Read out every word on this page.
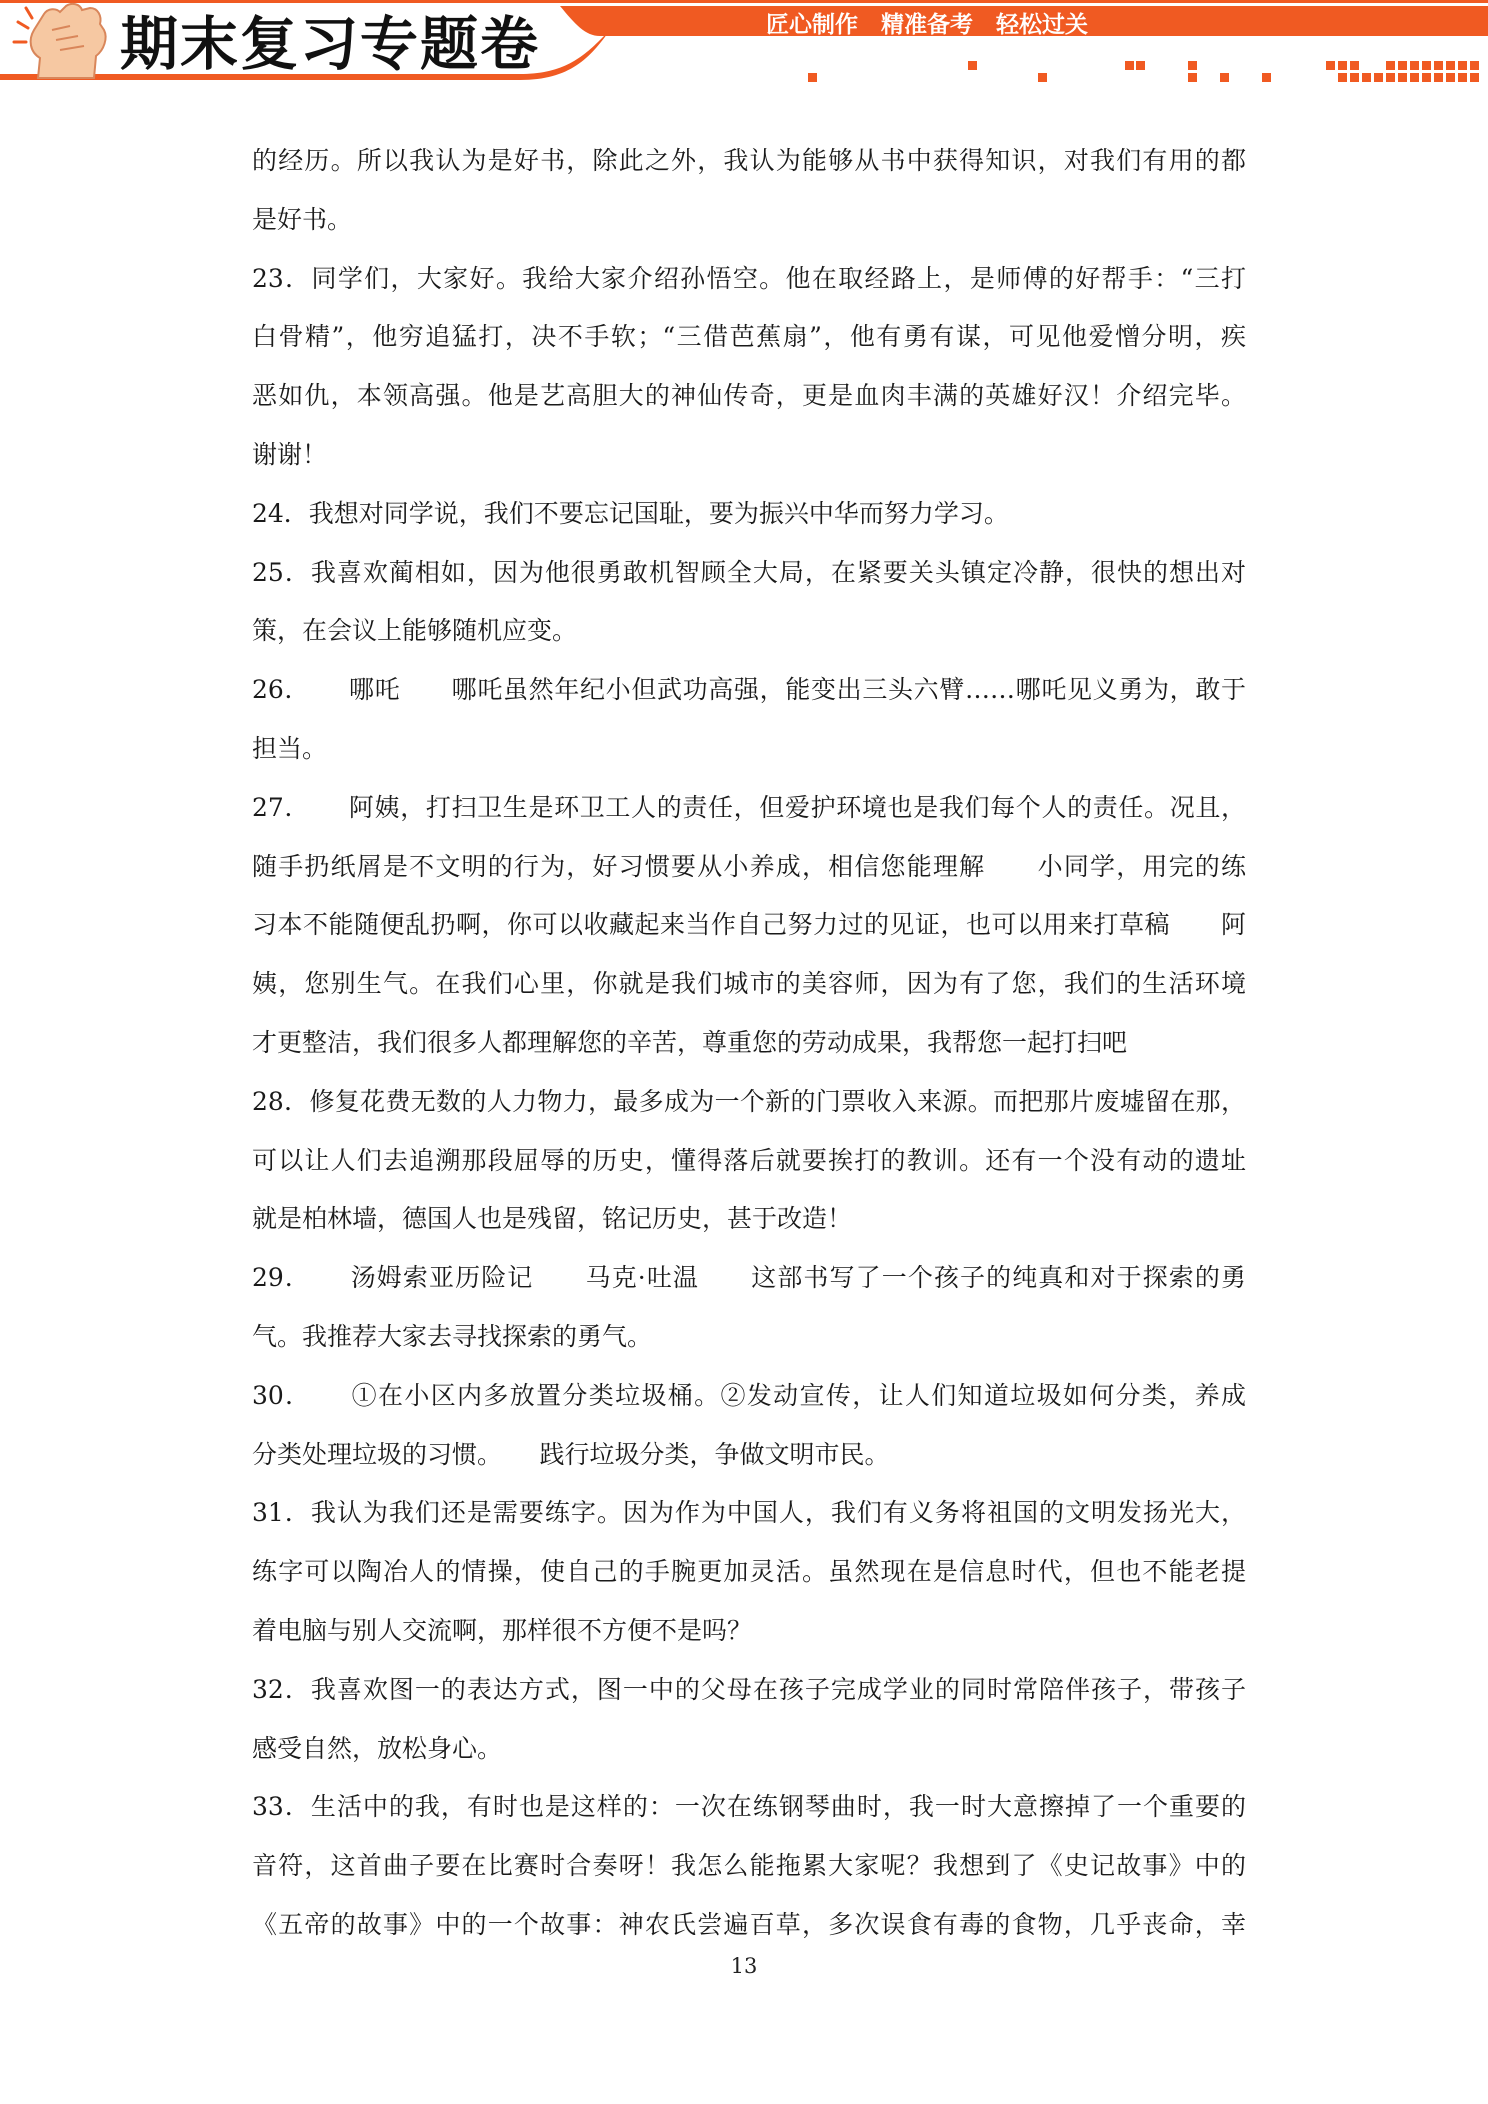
期末复习专题卷	匠心制作　精准备考　轻松过关
的经历。所以我认为是好书，除此之外，我认为能够从书中获得知识，对我们有用的都
是好书。
23．同学们，大家好。我给大家介绍孙悟空。他在取经路上，是师傅的好帮手：“三打
白骨精”，他穷追猛打，决不手软；“三借芭蕉扇”，他有勇有谋，可见他爱憎分明，疾
恶如仇，本领高强。他是艺高胆大的神仙传奇，更是血肉丰满的英雄好汉！介绍完毕。
谢谢！
24．我想对同学说，我们不要忘记国耻，要为振兴中华而努力学习。
25．我喜欢蔺相如，因为他很勇敢机智顾全大局，在紧要关头镇定冷静，很快的想出对
策，在会议上能够随机应变。
26．　　哪吒　　哪吒虽然年纪小但武功高强，能变出三头六臂……哪吒见义勇为，敢于
担当。
27．　　阿姨，打扫卫生是环卫工人的责任，但爱护环境也是我们每个人的责任。况且，
随手扔纸屑是不文明的行为，好习惯要从小养成，相信您能理解　　小同学，用完的练
习本不能随便乱扔啊，你可以收藏起来当作自己努力过的见证，也可以用来打草稿　　阿
姨，您别生气。在我们心里，你就是我们城市的美容师，因为有了您，我们的生活环境
才更整洁，我们很多人都理解您的辛苦，尊重您的劳动成果，我帮您一起打扫吧
28．修复花费无数的人力物力，最多成为一个新的门票收入来源。而把那片废墟留在那，
可以让人们去追溯那段屈辱的历史，懂得落后就要挨打的教训。还有一个没有动的遗址
就是柏林墙，德国人也是残留，铭记历史，甚于改造！
29．　　汤姆索亚历险记　　马克·吐温　　这部书写了一个孩子的纯真和对于探索的勇
气。我推荐大家去寻找探索的勇气。
30．　　①在小区内多放置分类垃圾桶。②发动宣传，让人们知道垃圾如何分类，养成
分类处理垃圾的习惯。　　践行垃圾分类，争做文明市民。
31．我认为我们还是需要练字。因为作为中国人，我们有义务将祖国的文明发扬光大，
练字可以陶冶人的情操，使自己的手腕更加灵活。虽然现在是信息时代，但也不能老提
着电脑与别人交流啊，那样很不方便不是吗？
32．我喜欢图一的表达方式，图一中的父母在孩子完成学业的同时常陪伴孩子，带孩子
感受自然，放松身心。
33．生活中的我，有时也是这样的：一次在练钢琴曲时，我一时大意擦掉了一个重要的
音符，这首曲子要在比赛时合奏呀！我怎么能拖累大家呢？我想到了《史记故事》中的
《五帝的故事》中的一个故事：神农氏尝遍百草，多次误食有毒的食物，几乎丧命，幸
13
